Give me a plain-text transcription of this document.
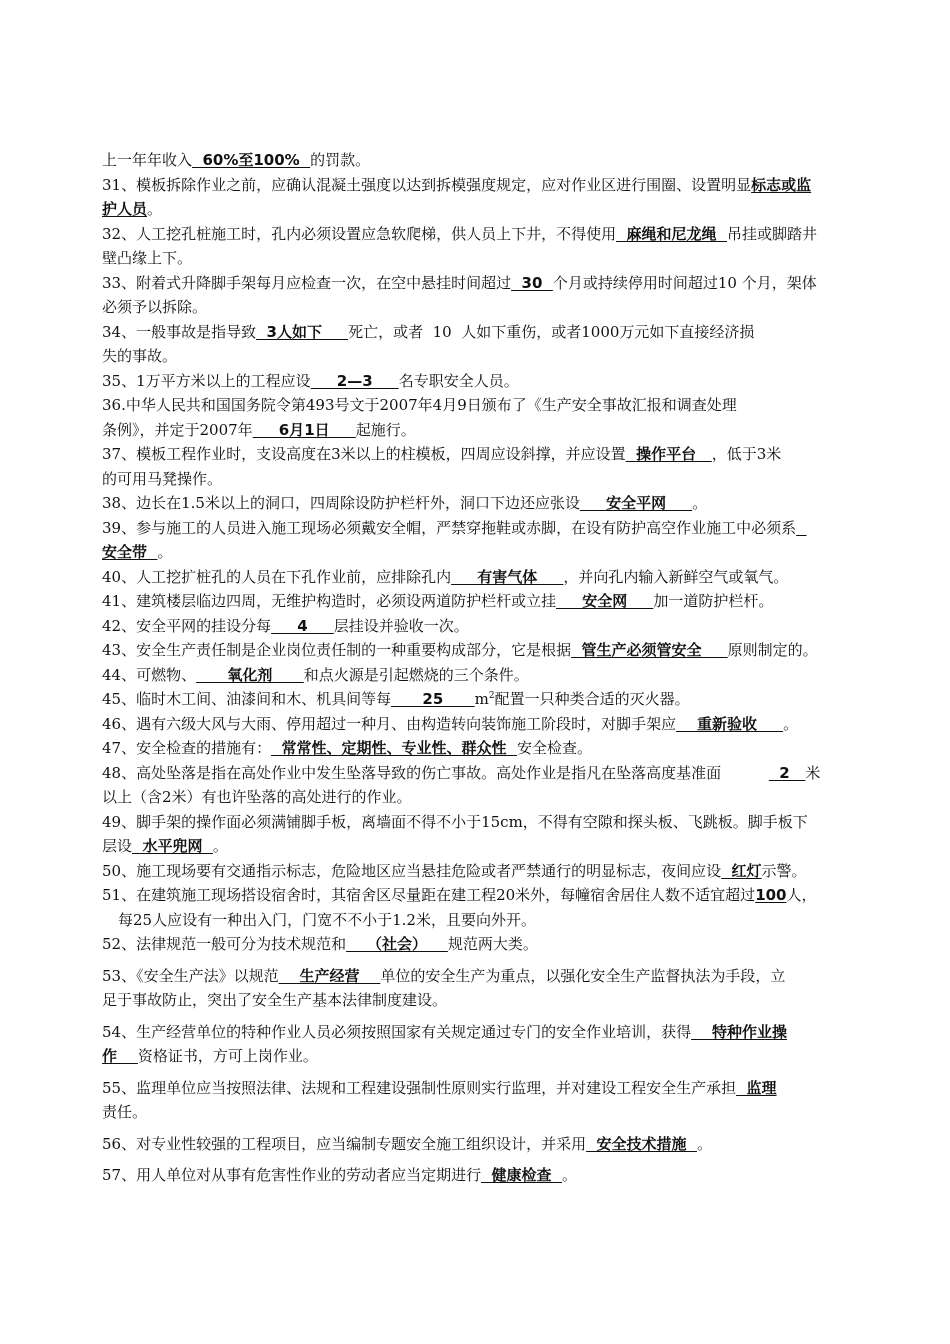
上一年年收入  60%至100%  的罚款。
31、模板拆除作业之前，应确认混凝土强度以达到拆模强度规定，应对作业区进行围圈、设置明显标志或监
护人员。
32、人工挖孔桩施工时，孔内必须设置应急软爬梯，供人员上下井，不得使用  麻绳和尼龙绳  吊挂或脚踏井
壁凸缘上下。
33、附着式升降脚手架每月应检查一次，在空中悬挂时间超过  30  个月或持续停用时间超过10 个月，架体
必须予以拆除。
34、一般事故是指导致  3人如下     死亡，或者  10  人如下重伤，或者1000万元如下直接经济损
失的事故。
35、1万平方米以上的工程应设     2—3     名专职安全人员。
36.中华人民共和国国务院令第493号文于2007年4月9日颁布了《生产安全事故汇报和调查处理
条例》，并定于2007年     6月1日     起施行。
37、模板工程作业时，支设高度在3米以上的柱模板，四周应设斜撑，并应设置  操作平台   ，低于3米
的可用马凳操作。
38、边长在1.5米以上的洞口，四周除设防护栏杆外，洞口下边还应张设     安全平网     。
39、参与施工的人员进入施工现场必须戴安全帽，严禁穿拖鞋或赤脚，在设有防护高空作业施工中必须系
安全带  。
40、人工挖扩桩孔的人员在下孔作业前，应排除孔内     有害气体     ，并向孔内输入新鲜空气或氧气。
41、建筑楼层临边四周，无维护构造时，必须设两道防护栏杆或立挂     安全网     加一道防护栏杆。
42、安全平网的挂设分每     4     层挂设并验收一次。
43、安全生产责任制是企业岗位责任制的一种重要构成部分，它是根据  管生产必须管安全     原则制定的。
44、可燃物、      氧化剂      和点火源是引起燃烧的三个条件。
45、临时木工间、油漆间和木、机具间等每      25      $m^2$配置一只种类合适的灭火器。
46、遇有六级大风与大雨、停用超过一种月、由构造转向装饰施工阶段时，对脚手架应    重新验收     。
47、安全检查的措施有：  常常性、定期性、专业性、群众性  安全检查。
48、高处坠落是指在高处作业中发生坠落导致的伤亡事故。高处作业是指凡在坠落高度基准面            2   米
以上（含2米）有也许坠落的高处进行的作业。
49、脚手架的操作面必须满铺脚手板，离墙面不得不小于15cm，不得有空隙和探头板、飞跳板。脚手板下
层设  水平兜网  。
50、施工现场要有交通指示标志，危险地区应当悬挂危险或者严禁通行的明显标志，夜间应设  红灯示警。
51、在建筑施工现场搭设宿舍时，其宿舍区尽量距在建工程20米外，每幢宿舍居住人数不适宜超过100人，
每25人应设有一种出入门，门宽不不小于1.2米，且要向外开。
52、法律规范一般可分为技术规范和    （社会）    规范两大类。
53、《安全生产法》以规范    生产经营    单位的安全生产为重点，以强化安全生产监督执法为手段，立
足于事故防止，突出了安全生产基本法律制度建设。
54、生产经营单位的特种作业人员必须按照国家有关规定通过专门的安全作业培训，获得    特种作业操
作    资格证书，方可上岗作业。
55、监理单位应当按照法律、法规和工程建设强制性原则实行监理，并对建设工程安全生产承担  监理
责任。
56、对专业性较强的工程项目，应当编制专题安全施工组织设计，并采用  安全技术措施  。
57、用人单位对从事有危害性作业的劳动者应当定期进行  健康检查  。
